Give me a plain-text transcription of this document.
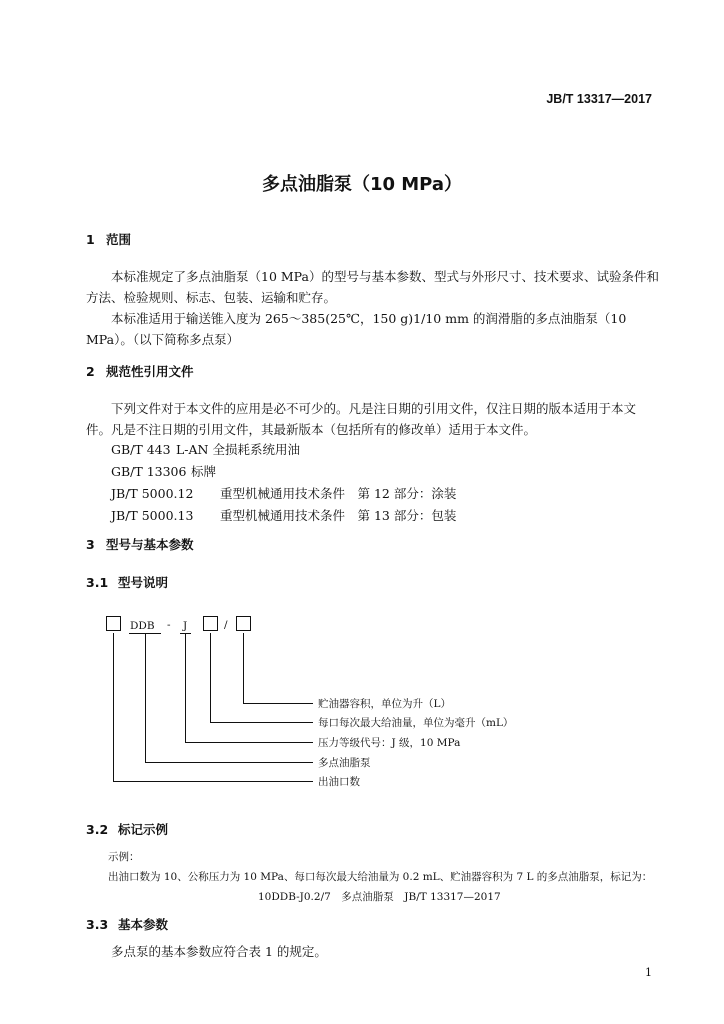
JB/T 13317—2017
多点油脂泵（10 MPa）
1 范围

本标准规定了多点油脂泵（10 MPa）的型号与基本参数、型式与外形尺寸、技术要求、试验条件和方法、检验规则、标志、包装、运输和贮存。

本标准适用于输送锥入度为 265～385(25℃，150 g)1/10 mm 的润滑脂的多点油脂泵（10 MPa）。（以下简称多点泵）

2 规范性引用文件

下列文件对于本文件的应用是必不可少的。凡是注日期的引用文件，仅注日期的版本适用于本文件。凡是不注日期的引用文件，其最新版本（包括所有的修改单）适用于本文件。

GB/T 443 L-AN 全损耗系统用油
GB/T 13306 标牌
JB/T 5000.12 重型机械通用技术条件　第 12 部分：涂装
JB/T 5000.13 重型机械通用技术条件　第 13 部分：包装
3 型号与基本参数
3.1 型号说明
DDB - J	/
贮油器容积，单位为升（L）
每口每次最大给油量，单位为毫升（mL）
压力等级代号：J 级，10 MPa
多点油脂泵
出油口数
3.2 标记示例
示例：
出油口数为 10、公称压力为 10 MPa、每口每次最大给油量为 0.2 mL、贮油器容积为 7 L 的多点油脂泵，标记为：
10DDB-J0.2/7　多点油脂泵　JB/T 13317—2017
3.3 基本参数
多点泵的基本参数应符合表 1 的规定。
1
